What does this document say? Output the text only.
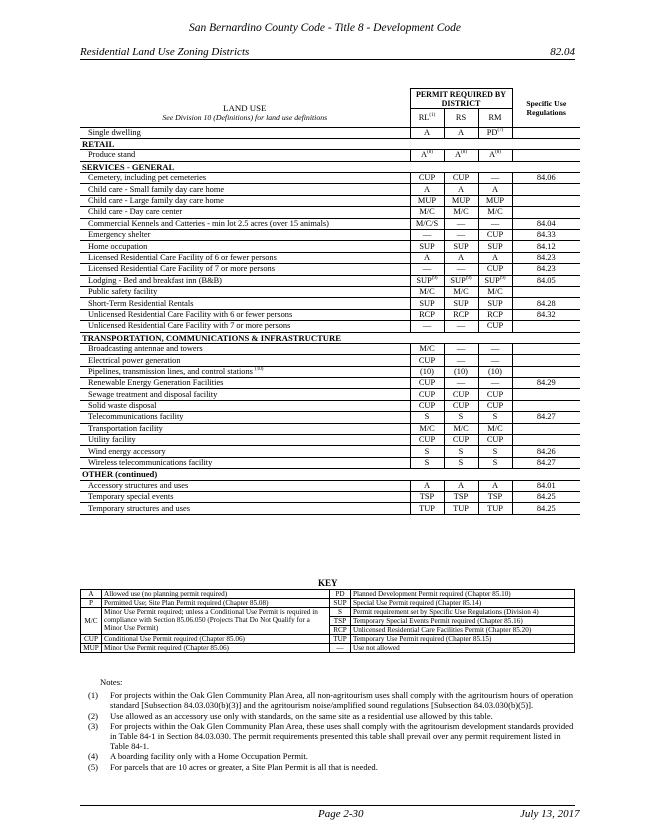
San Bernardino County Code - Title 8 - Development Code
Residential Land Use Zoning Districts	82.04
LAND USE
See Division 10 (Definitions) for land use definitions	PERMIT REQUIRED BY DISTRICT			Specific Use Regulations
	RL$^{(1)}$	RS	RM	
Single dwelling	A	A	PD$^{(7)}$	
RETAIL				
Produce stand	$A^{(8)}$	$A^{(8)}$	$A^{(8)}$	
SERVICES - GENERAL				
Cemetery, including pet cemeteries	CUP	CUP	—	84.06
Child care - Small family day care home	A	A	A	
Child care - Large family day care home	MUP	MUP	MUP	
Child care - Day care center	M/C	M/C	M/C	
Commercial Kennels and Catteries - min lot 2.5 acres (over 15 animals)	M/C/S	—	—	84.04
Emergency shelter	—	—	CUP	84.33
Home occupation	SUP	SUP	SUP	84.12
Licensed Residential Care Facility of 6 or fewer persons	A	A	A	84.23
Licensed Residential Care Facility of 7 or more persons	—	—	CUP	84.23
Lodging - Bed and breakfast inn (B&B)	SUP$^{(9)}$	SUP$^{(9)}$	SUP$^{(9)}$	84.05
Public safety facility	M/C	M/C	M/C	
Short-Term Residential Rentals	SUP	SUP	SUP	84.28
Unlicensed Residential Care Facility with 6 or fewer persons	RCP	RCP	RCP	84.32
Unlicensed Residential Care Facility with 7 or more persons	—	—	CUP	
TRANSPORTATION, COMMUNICATIONS & INFRASTRUCTURE				
Broadcasting antennae and towers	M/C	—	—	
Electrical power generation	CUP	—	—	
Pipelines, transmission lines, and control stations $^{(10)}$	(10)	(10)	(10)	
Renewable Energy Generation Facilities	CUP	—	—	84.29
Sewage treatment and disposal facility	CUP	CUP	CUP	
Solid waste disposal	CUP	CUP	CUP	
Telecommunications facility	S	S	S	84.27
Transportation facility	M/C	M/C	M/C	
Utility facility	CUP	CUP	CUP	
Wind energy accessory	S	S	S	84.26
Wireless telecommunications facility	S	S	S	84.27
OTHER (continued)				
Accessory structures and uses	A	A	A	84.01
Temporary special events	TSP	TSP	TSP	84.25
Temporary structures and uses	TUP	TUP	TUP	84.25
KEY
A	Allowed use (no planning permit required)	PD	Planned Development Permit required (Chapter 85.10)
P	Permitted Use; Site Plan Permit required (Chapter 85.08)	SUP	Special Use Permit required (Chapter 85.14)
M/C	Minor Use Permit required; unless a Conditional Use Permit is required in compliance with Section 85.06.050 (Projects That Do Not Qualify for a Minor Use Permit)	S	Permit requirement set by Specific Use Regulations (Division 4)
		TSP	Temporary Special Events Permit required (Chapter 85.16)
		RCP	Unlicensed Residential Care Facilities Permit (Chapter 85.20)
CUP	Conditional Use Permit required (Chapter 85.06)	TUP	Temporary Use Permit required (Chapter 85.15)
MUP	Minor Use Permit required (Chapter 85.06)	—	Use not allowed
Notes:
(1)	For projects within the Oak Glen Community Plan Area, all non-agritourism uses shall comply with the agritourism hours of operation standard [Subsection 84.03.030(b)(3)] and the agritourism noise/amplified sound regulations [Subsection 84.03.030(b)(5)].
(2)	Use allowed as an accessory use only with standards, on the same site as a residential use allowed by this table.
(3)	For projects within the Oak Glen Community Plan Area, these uses shall comply with the agritourism development standards provided in Table 84-1 in Section 84.03.030. The permit requirements presented this table shall prevail over any permit requirement listed in Table 84-1.
(4)	A boarding facility only with a Home Occupation Permit.
(5)	For parcels that are 10 acres or greater, a Site Plan Permit is all that is needed.
Page 2-30	July 13, 2017
